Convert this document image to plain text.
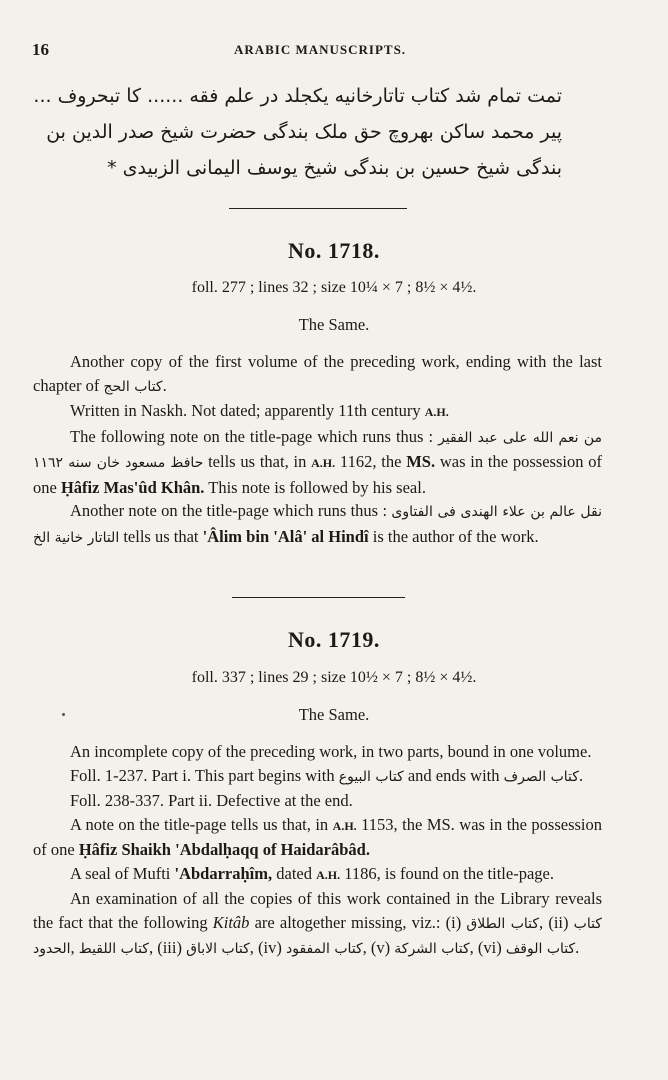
16	ARABIC MANUSCRIPTS.
تمت تمام شد کتاب تاتارخانیه یکجلد در علم فقه ...... کا تبحروف ...
پیر محمد ساکن بهروچ حق ملک بندگی حضرت شیخ صدر الدین بن
بندگی شیخ حسین بن بندگی شیخ یوسف الیمانی الزبیدی *
No. 1718.
foll. 277 ; lines 32 ; size 10¼ × 7 ; 8½ × 4½.
The Same.

Another copy of the first volume of the preceding work, ending with the last chapter of کتاب الحج.

Written in Naskh. Not dated; apparently 11th century A.H.

The following note on the title-page which runs thus : من نعم الله علی عبد الفقیر حافظ مسعود خان سنه ١١٦٢ tells us that, in A.H. 1162, the MS. was in the possession of one Ḥâfiz Mas'ûd Khân. This note is followed by his seal.

Another note on the title-page which runs thus : نقل عالم بن علاء الهندی فی الفتاوی التاتار خانیة الخ tells us that 'Âlim bin 'Alâ' al Hindî is the author of the work.

No. 1719.
foll. 337 ; lines 29 ; size 10½ × 7 ; 8½ × 4½.
The Same.

An incomplete copy of the preceding work, in two parts, bound in one volume.

Foll. 1-237. Part i. This part begins with کتاب البیوع and ends with کتاب الصرف.

Foll. 238-337. Part ii. Defective at the end.

A note on the title-page tells us that, in A.H. 1153, the MS. was in the possession of one Ḥâfiz Shaikh 'Abdalḥaqq of Haidarâbâd.

A seal of Mufti 'Abdarraḥîm, dated A.H. 1186, is found on the title-page.

An examination of all the copies of this work contained in the Library reveals the fact that the following Kitâb are altogether missing, viz.: (i) کتاب الطلاق, (ii) کتاب الحدود, کتاب اللقیط, (iii) کتاب الاباق, (iv) کتاب المفقود, (v) کتاب الشرکة, (vi) کتاب الوقف.
